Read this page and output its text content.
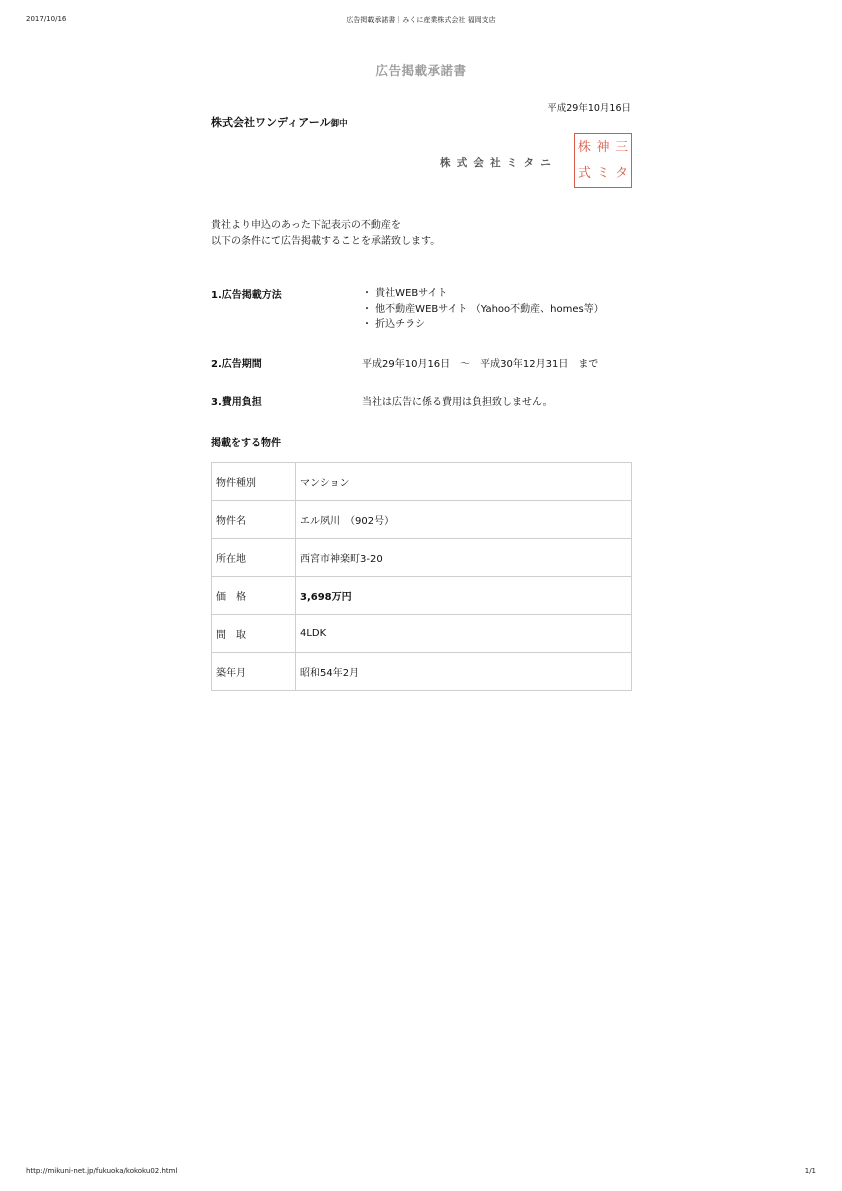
2017/10/16	広告掲載承諾書｜みくに産業株式会社 福岡支店
広告掲載承諾書
平成29年10月16日
株式会社ワンディアール御中
株式会社ミタニ
株 神 三
式 ミ タ
貴社より申込のあった下記表示の不動産を
以下の条件にて広告掲載することを承諾致します。
1.広告掲載方法	・ 貴社WEBサイト
・ 他不動産WEBサイト （Yahoo不動産、homes等）
・ 折込チラシ
2.広告期間	平成29年10月16日　～　平成30年12月31日　まで
3.費用負担	当社は広告に係る費用は負担致しません。
掲載をする物件
物件種別	マンション
物件名	エル夙川　（902号）
所在地	西宮市神楽町3-20
価　格	3,698万円
間　取	4LDK
築年月	昭和54年2月
http://mikuni-net.jp/fukuoka/kokoku02.html	1/1
